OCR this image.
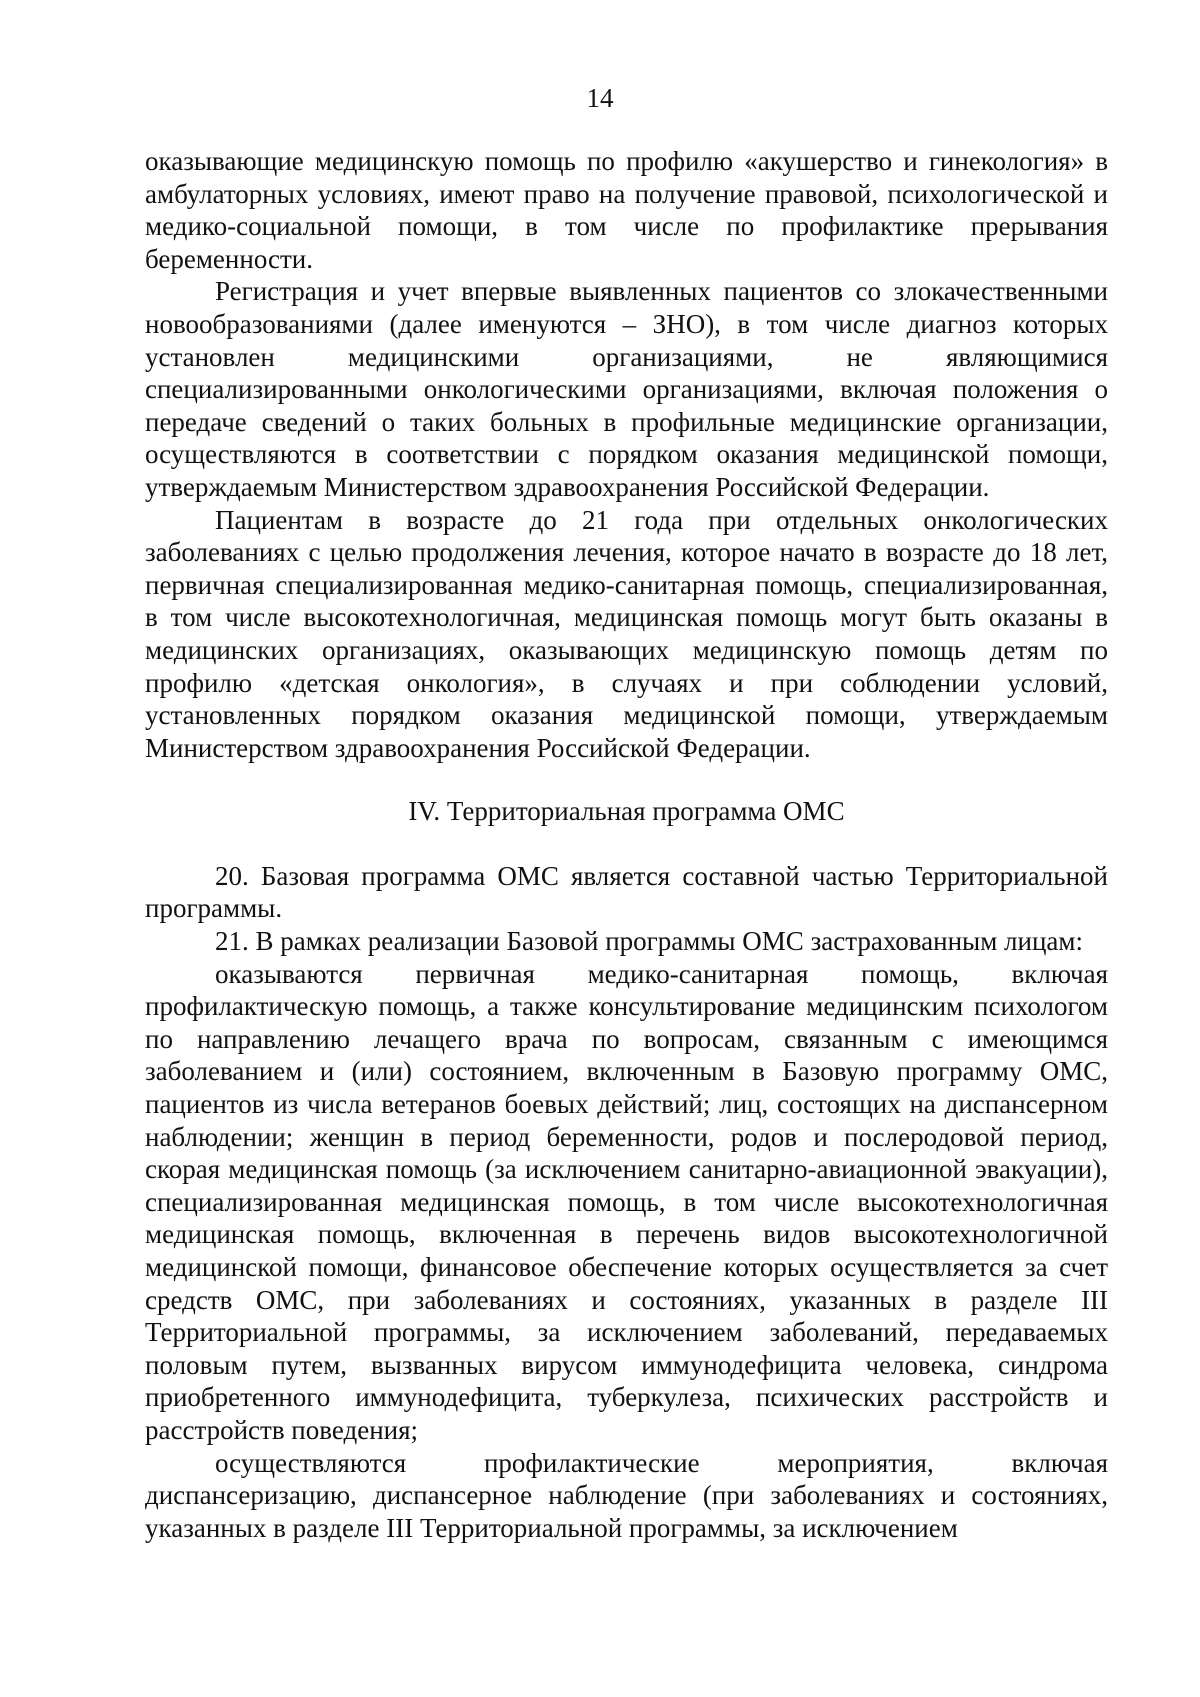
14

оказывающие медицинскую помощь по профилю «акушерство и гинекология» в амбулаторных условиях, имеют право на получение правовой, психологической и медико-социальной помощи, в том числе по профилактике прерывания беременности.

Регистрация и учет впервые выявленных пациентов со злокачественными новообразованиями (далее именуются – ЗНО), в том числе диагноз которых установлен медицинскими организациями, не являющимися специализированными онкологическими организациями, включая положения о передаче сведений о таких больных в профильные медицинские организации, осуществляются в соответствии с порядком оказания медицинской помощи, утверждаемым Министерством здравоохранения Российской Федерации.

Пациентам в возрасте до 21 года при отдельных онкологических заболеваниях с целью продолжения лечения, которое начато в возрасте до 18 лет, первичная специализированная медико-санитарная помощь, специализированная, в том числе высокотехнологичная, медицинская помощь могут быть оказаны в медицинских организациях, оказывающих медицинскую помощь детям по профилю «детская онкология», в случаях и при соблюдении условий, установленных порядком оказания медицинской помощи, утверждаемым Министерством здравоохранения Российской Федерации.

IV. Территориальная программа ОМС

20. Базовая программа ОМС является составной частью Территориальной программы.

21. В рамках реализации Базовой программы ОМС застрахованным лицам:

оказываются первичная медико-санитарная помощь, включая профилактическую помощь, а также консультирование медицинским психологом по направлению лечащего врача по вопросам, связанным с имеющимся заболеванием и (или) состоянием, включенным в Базовую программу ОМС, пациентов из числа ветеранов боевых действий; лиц, состоящих на диспансерном наблюдении; женщин в период беременности, родов и послеродовой период, скорая медицинская помощь (за исключением санитарно-авиационной эвакуации), специализированная медицинская помощь, в том числе высокотехнологичная медицинская помощь, включенная в перечень видов высокотехнологичной медицинской помощи, финансовое обеспечение которых осуществляется за счет средств ОМС, при заболеваниях и состояниях, указанных в разделе III Территориальной программы, за исключением заболеваний, передаваемых половым путем, вызванных вирусом иммунодефицита человека, синдрома приобретенного иммунодефицита, туберкулеза, психических расстройств и расстройств поведения;

осуществляются профилактические мероприятия, включая диспансеризацию, диспансерное наблюдение (при заболеваниях и состояниях, указанных в разделе III Территориальной программы, за исключением
